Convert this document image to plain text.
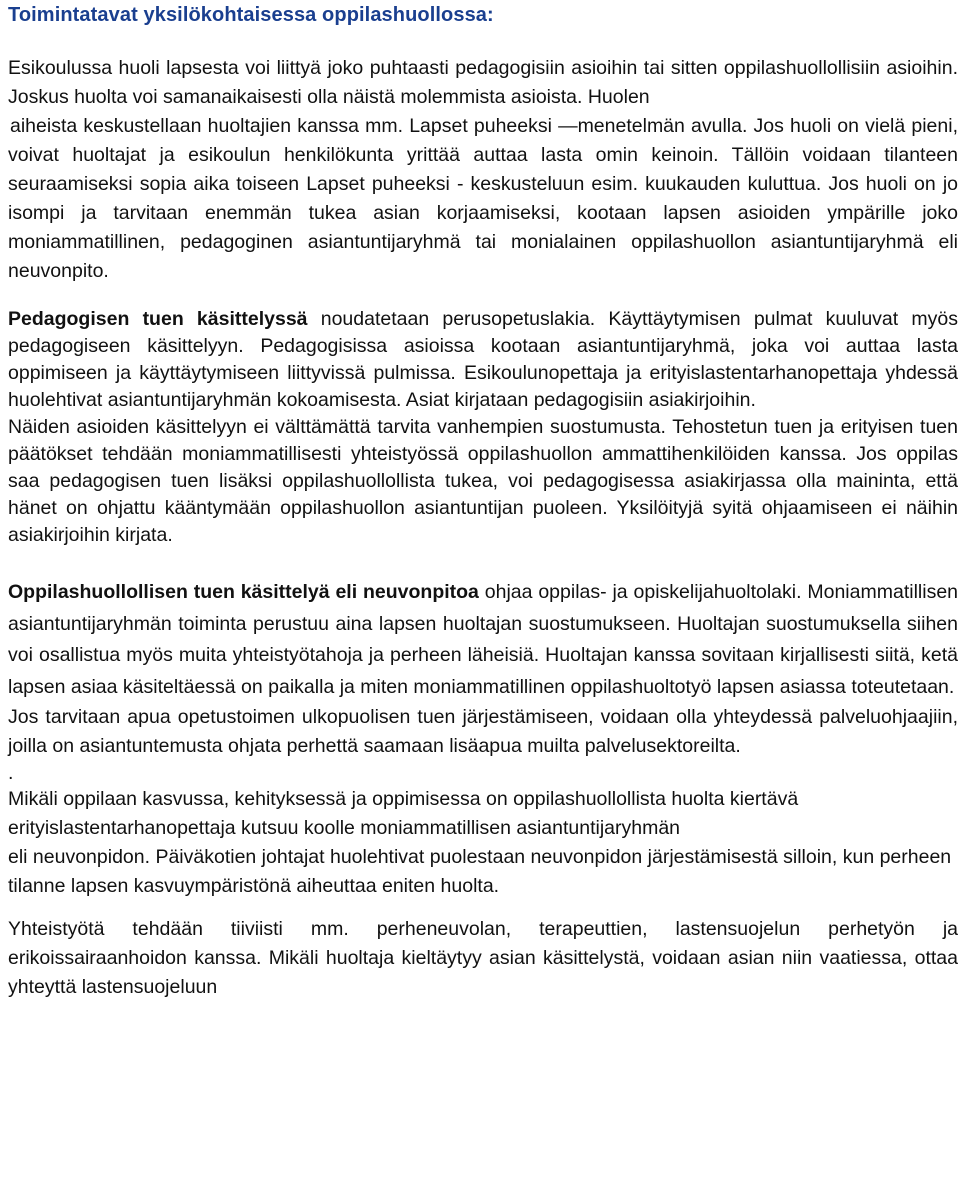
Toimintatavat yksilökohtaisessa oppilashuollossa:

Esikoulussa huoli lapsesta voi liittyä joko puhtaasti pedagogisiin asioihin tai sitten oppilashuollollisiin asioihin. Joskus huolta voi samanaikaisesti olla näistä molemmista asioista. Huolen

aiheista keskustellaan huoltajien kanssa mm. Lapset puheeksi —menetelmän avulla. Jos huoli on vielä pieni, voivat huoltajat ja esikoulun henkilökunta yrittää auttaa lasta omin keinoin. Tällöin voidaan tilanteen seuraamiseksi sopia aika toiseen Lapset puheeksi - keskusteluun esim. kuukauden kuluttua. Jos huoli on jo isompi ja tarvitaan enemmän tukea asian korjaamiseksi, kootaan lapsen asioiden ympärille joko moniammatillinen, pedagoginen asiantuntijaryhmä tai monialainen oppilashuollon asiantuntijaryhmä eli neuvonpito.

Pedagogisen tuen käsittelyssä noudatetaan perusopetuslakia. Käyttäytymisen pulmat kuuluvat myös pedagogiseen käsittelyyn. Pedagogisissa asioissa kootaan asiantuntijaryhmä, joka voi auttaa lasta oppimiseen ja käyttäytymiseen liittyvissä pulmissa. Esikoulunopettaja ja erityislastentarhanopettaja yhdessä huolehtivat asiantuntijaryhmän kokoamisesta. Asiat kirjataan pedagogisiin asiakirjoihin.

Näiden asioiden käsittelyyn ei välttämättä tarvita vanhempien suostumusta. Tehostetun tuen ja erityisen tuen päätökset tehdään moniammatillisesti yhteistyössä oppilashuollon ammattihenkilöiden kanssa. Jos oppilas saa pedagogisen tuen lisäksi oppilashuollollista tukea, voi pedagogisessa asiakirjassa olla maininta, että hänet on ohjattu kääntymään oppilashuollon asiantuntijan puoleen. Yksilöityjä syitä ohjaamiseen ei näihin asiakirjoihin kirjata.

Oppilashuollollisen tuen käsittelyä eli neuvonpitoa ohjaa oppilas- ja opiskelijahuoltolaki. Moniammatillisen asiantuntijaryhmän toiminta perustuu aina lapsen huoltajan suostumukseen. Huoltajan suostumuksella siihen voi osallistua myös muita yhteistyötahoja ja perheen läheisiä. Huoltajan kanssa sovitaan kirjallisesti siitä, ketä lapsen asiaa käsiteltäessä on paikalla ja miten moniammatillinen oppilashuoltotyö lapsen asiassa toteutetaan.

Jos tarvitaan apua opetustoimen ulkopuolisen tuen järjestämiseen, voidaan olla yhteydessä palveluohjaajiin, joilla on asiantuntemusta ohjata perhettä saamaan lisäapua muilta palvelusektoreilta.

.

Mikäli oppilaan kasvussa, kehityksessä ja oppimisessa on oppilashuollollista huolta kiertävä

erityislastentarhanopettaja kutsuu koolle moniammatillisen asiantuntijaryhmän

eli neuvonpidon. Päiväkotien johtajat huolehtivat puolestaan neuvonpidon järjestämisestä silloin, kun perheen tilanne lapsen kasvuympäristönä aiheuttaa eniten huolta.

Yhteistyötä tehdään tiiviisti mm. perheneuvolan, terapeuttien, lastensuojelun perhetyön ja erikoissairaanhoidon kanssa. Mikäli huoltaja kieltäytyy asian käsittelystä, voidaan asian niin vaatiessa, ottaa yhteyttä lastensuojeluun
